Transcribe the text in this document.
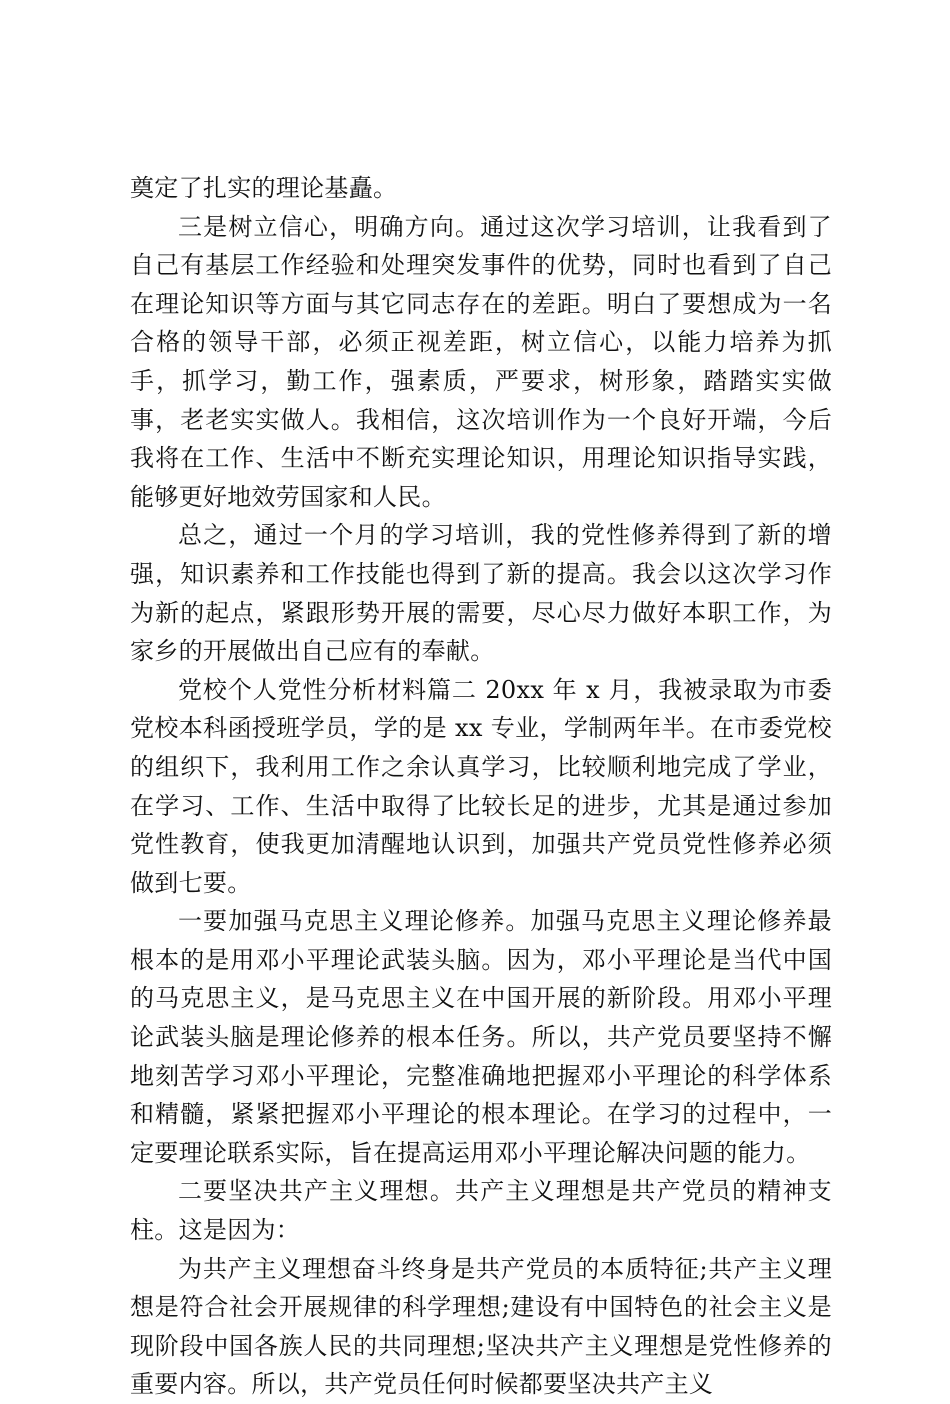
奠定了扎实的理论基矗。

三是树立信心，明确方向。通过这次学习培训，让我看到了自己有基层工作经验和处理突发事件的优势，同时也看到了自己在理论知识等方面与其它同志存在的差距。明白了要想成为一名合格的领导干部，必须正视差距，树立信心，以能力培养为抓手，抓学习，勤工作，强素质，严要求，树形象，踏踏实实做事，老老实实做人。我相信，这次培训作为一个良好开端，今后我将在工作、生活中不断充实理论知识，用理论知识指导实践，能够更好地效劳国家和人民。

总之，通过一个月的学习培训，我的党性修养得到了新的增强，知识素养和工作技能也得到了新的提高。我会以这次学习作为新的起点，紧跟形势开展的需要，尽心尽力做好本职工作，为家乡的开展做出自己应有的奉献。

党校个人党性分析材料篇二 20xx 年 x 月，我被录取为市委党校本科函授班学员，学的是 xx 专业，学制两年半。在市委党校的组织下，我利用工作之余认真学习，比较顺利地完成了学业，在学习、工作、生活中取得了比较长足的进步，尤其是通过参加党性教育，使我更加清醒地认识到，加强共产党员党性修养必须做到七要。

一要加强马克思主义理论修养。加强马克思主义理论修养最根本的是用邓小平理论武装头脑。因为，邓小平理论是当代中国的马克思主义，是马克思主义在中国开展的新阶段。用邓小平理论武装头脑是理论修养的根本任务。所以，共产党员要坚持不懈地刻苦学习邓小平理论，完整准确地把握邓小平理论的科学体系和精髓，紧紧把握邓小平理论的根本理论。在学习的过程中，一定要理论联系实际，旨在提高运用邓小平理论解决问题的能力。

二要坚决共产主义理想。共产主义理想是共产党员的精神支柱。这是因为：

为共产主义理想奋斗终身是共产党员的本质特征;共产主义理想是符合社会开展规律的科学理想;建设有中国特色的社会主义是现阶段中国各族人民的共同理想;坚决共产主义理想是党性修养的重要内容。所以，共产党员任何时候都要坚决共产主义
